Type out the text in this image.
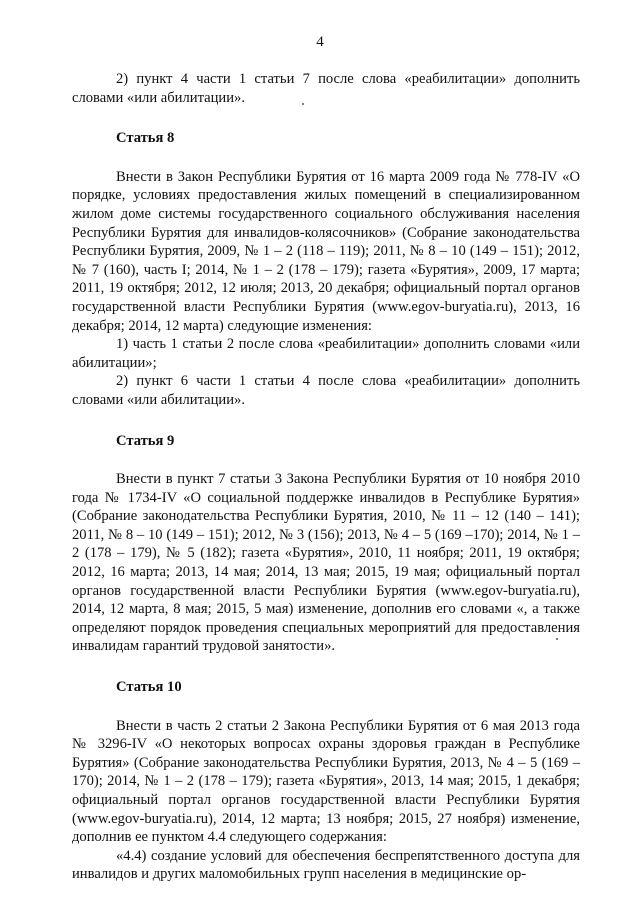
4

2) пункт 4 части 1 статьи 7 после слова «реабилитации» дополнить словами «или абилитации».

Статья 8

Внести в Закон Республики Бурятия от 16 марта 2009 года № 778-IV «О порядке, условиях предоставления жилых помещений в специализированном жилом доме системы государственного социального обслуживания населения Республики Бурятия для инвалидов-колясочников» (Собрание законодательства Республики Бурятия, 2009, № 1 – 2 (118 – 119); 2011, № 8 – 10 (149 – 151); 2012, № 7 (160), часть I; 2014, № 1 – 2 (178 – 179); газета «Бурятия», 2009, 17 марта; 2011, 19 октября; 2012, 12 июля; 2013, 20 декабря; официальный портал органов государственной власти Республики Бурятия (www.egov-buryatia.ru), 2013, 16 декабря; 2014, 12 марта) следующие изменения:

1) часть 1 статьи 2 после слова «реабилитации» дополнить словами «или абилитации»;

2) пункт 6 части 1 статьи 4 после слова «реабилитации» дополнить словами «или абилитации».

Статья 9

Внести в пункт 7 статьи 3 Закона Республики Бурятия от 10 ноября 2010 года № 1734-IV «О социальной поддержке инвалидов в Республике Бурятия» (Собрание законодательства Республики Бурятия, 2010, № 11 – 12 (140 – 141); 2011, № 8 – 10 (149 – 151); 2012, № 3 (156); 2013, № 4 – 5 (169 –170); 2014, № 1 – 2 (178 – 179), № 5 (182); газета «Бурятия», 2010, 11 ноября; 2011, 19 октября; 2012, 16 марта; 2013, 14 мая; 2014, 13 мая; 2015, 19 мая; официальный портал органов государственной власти Республики Бурятия (www.egov-buryatia.ru), 2014, 12 марта, 8 мая; 2015, 5 мая) изменение, дополнив его словами «, а также определяют порядок проведения специальных мероприятий для предоставления инвалидам гарантий трудовой занятости».

Статья 10

Внести в часть 2 статьи 2 Закона Республики Бурятия от 6 мая 2013 года № 3296-IV «О некоторых вопросах охраны здоровья граждан в Республике Бурятия» (Собрание законодательства Республики Бурятия, 2013, № 4 – 5 (169 – 170); 2014, № 1 – 2 (178 – 179); газета «Бурятия», 2013, 14 мая; 2015, 1 декабря; официальный портал органов государственной власти Республики Бурятия (www.egov-buryatia.ru), 2014, 12 марта; 13 ноября; 2015, 27 ноября) изменение, дополнив ее пунктом 4.4 следующего содержания:

«4.4) создание условий для обеспечения беспрепятственного доступа для инвалидов и других маломобильных групп населения в медицинские ор-
